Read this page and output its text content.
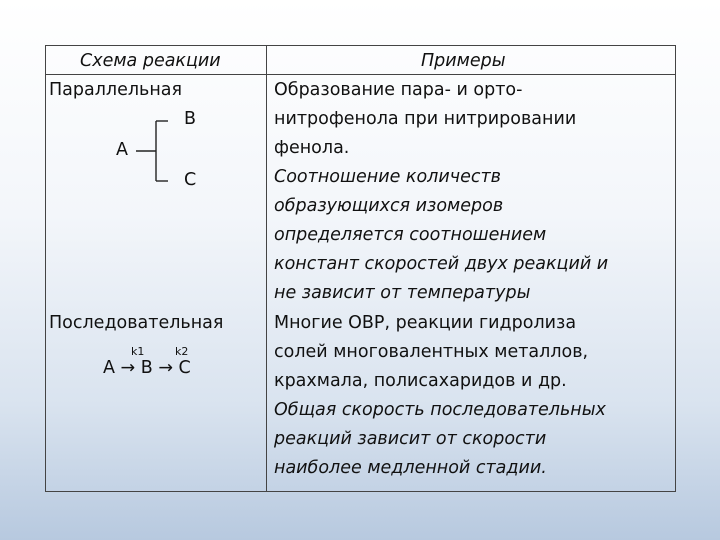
Схема реакции	Примеры
Параллельная
В
А
С
Образование пара- и орто-
нитрофенола при нитрировании
фенола.
Соотношение количеств
образующихся изомеров
определяется соотношением
констант скоростей двух реакций и
не зависит от температуры
Последовательная
k1	k2
А → В → С
Многие ОВР, реакции гидролиза
солей многовалентных металлов,
крахмала, полисахаридов и др.
Общая скорость последовательных
реакций зависит от скорости
наиболее медленной стадии.
